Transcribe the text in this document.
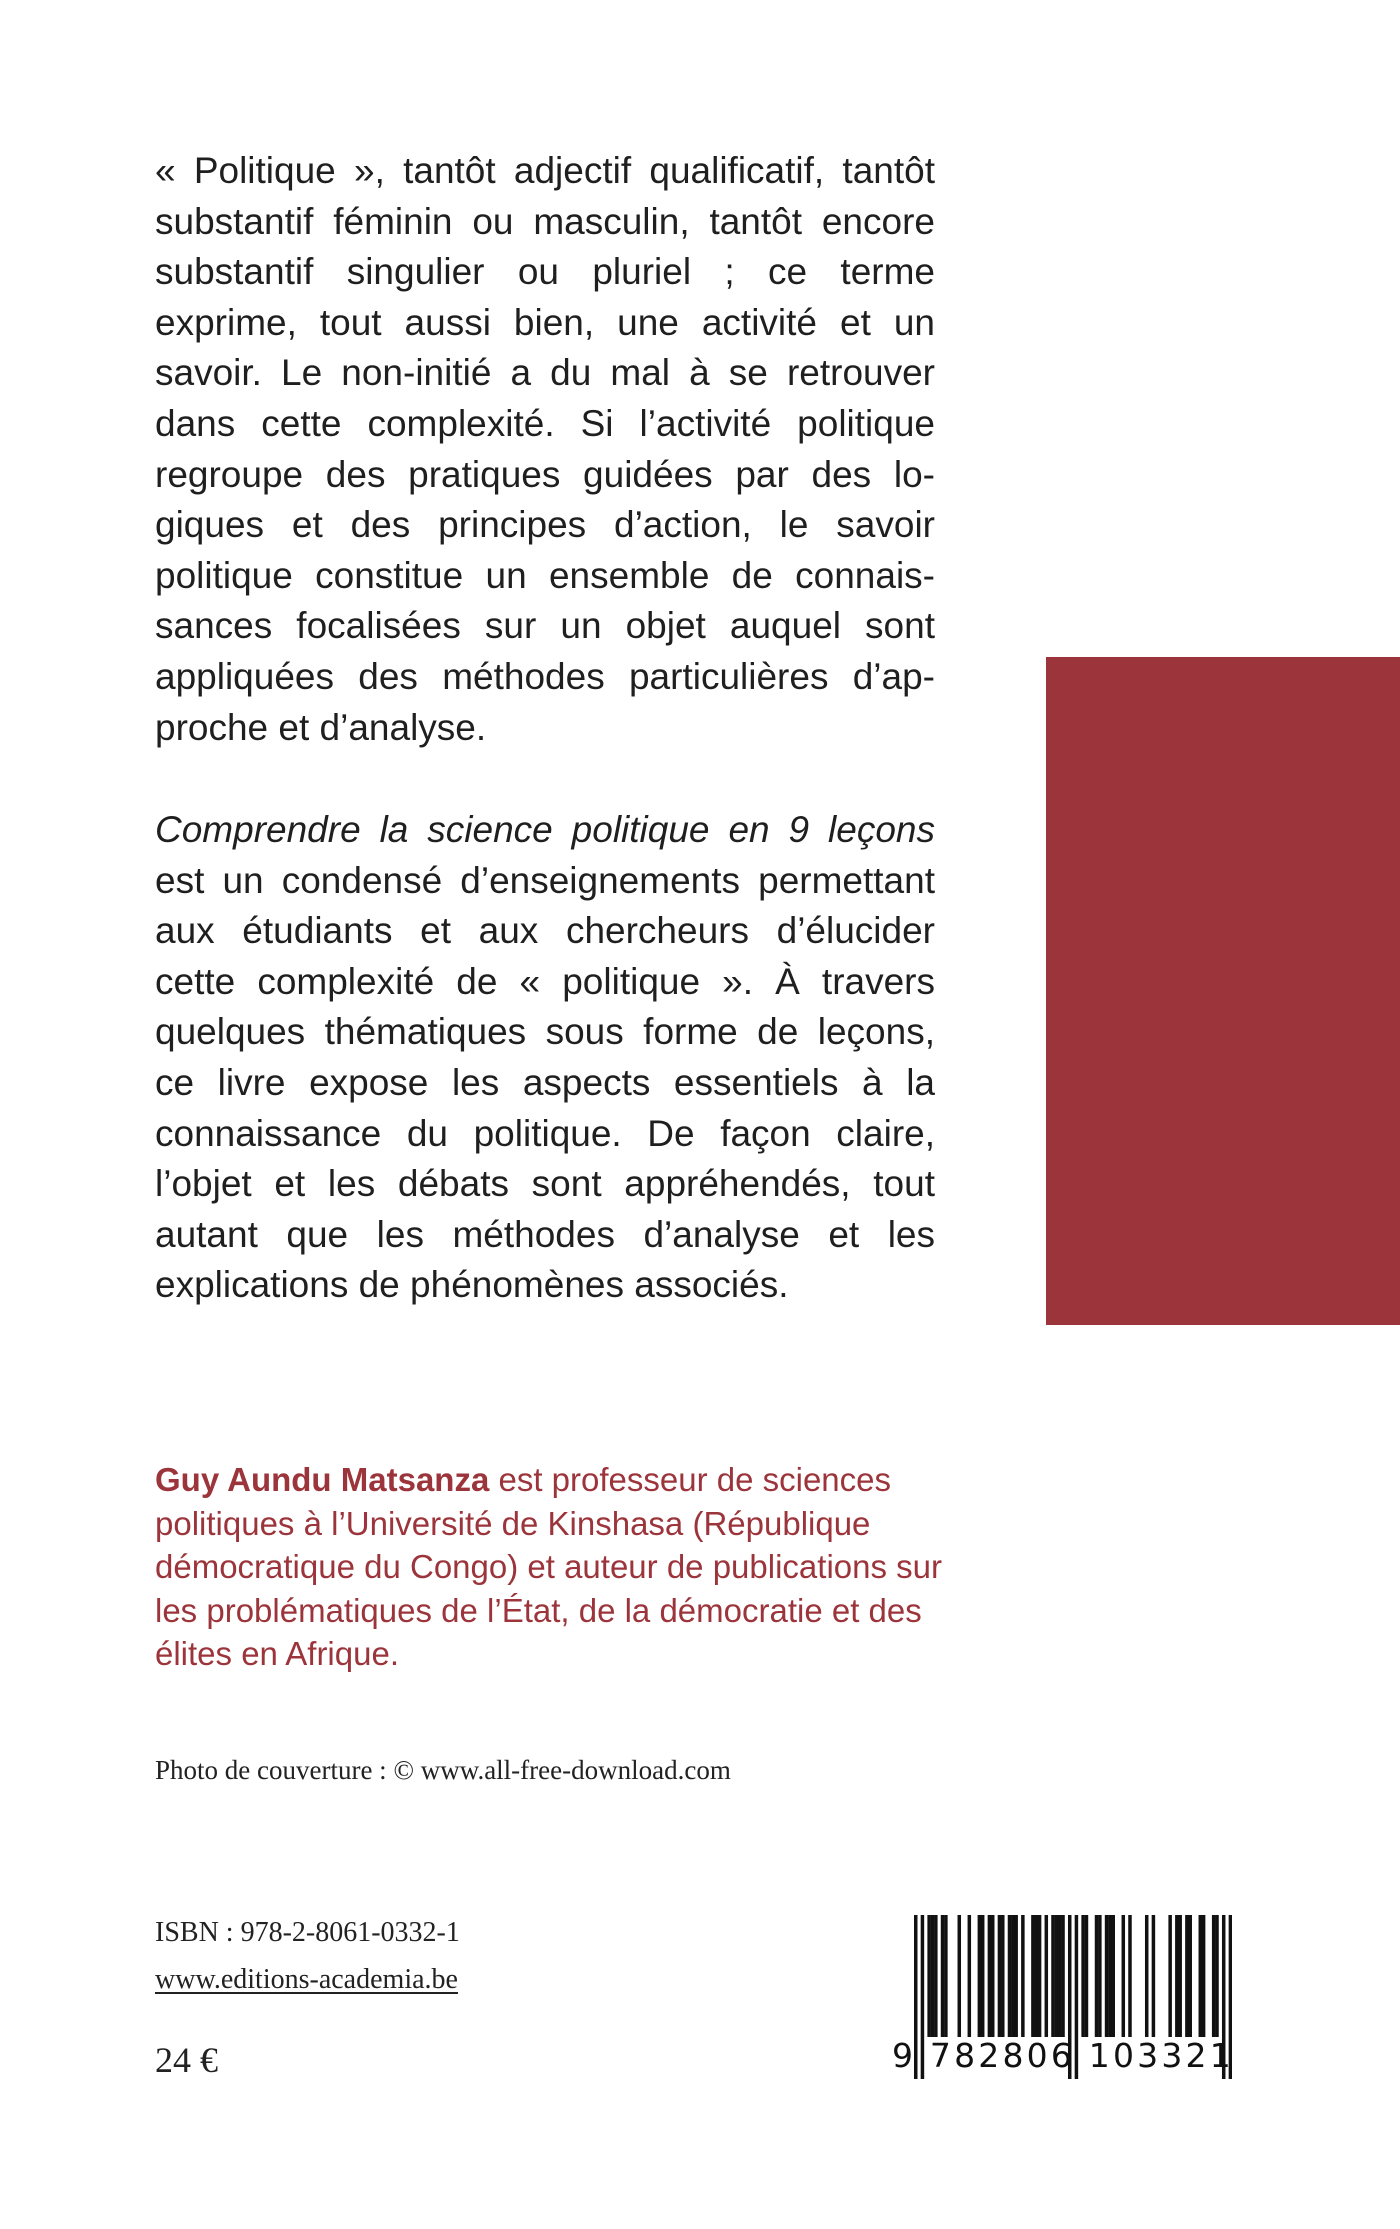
« Politique », tantôt adjectif qualificatif, tantôt substantif féminin ou masculin, tantôt encore substantif singulier ou pluriel ; ce terme exprime, tout aussi bien, une activité et un savoir. Le non-initié a du mal à se retrouver dans cette complexité. Si l’activité politique regroupe des pratiques guidées par des logiques et des principes d’action, le savoir politique constitue un ensemble de connaissances focalisées sur un objet auquel sont appliquées des méthodes particulières d’approche et d’analyse.

Comprendre la science politique en 9 leçons est un condensé d’enseignements permettant aux étudiants et aux chercheurs d’élucider cette complexité de « politique ». À travers quelques thématiques sous forme de leçons, ce livre expose les aspects essentiels à la connaissance du politique. De façon claire, l’objet et les débats sont appréhendés, tout autant que les méthodes d’analyse et les explications de phénomènes associés.

Guy Aundu Matsanza est professeur de sciences politiques à l’Université de Kinshasa (République démocratique du Congo) et auteur de publications sur les problématiques de l’État, de la démocratie et des élites en Afrique.

Photo de couverture : © www.all-free-download.com
ISBN : 978-2-8061-0332-1
www.editions-academia.be
24 €	9 782806 103321
